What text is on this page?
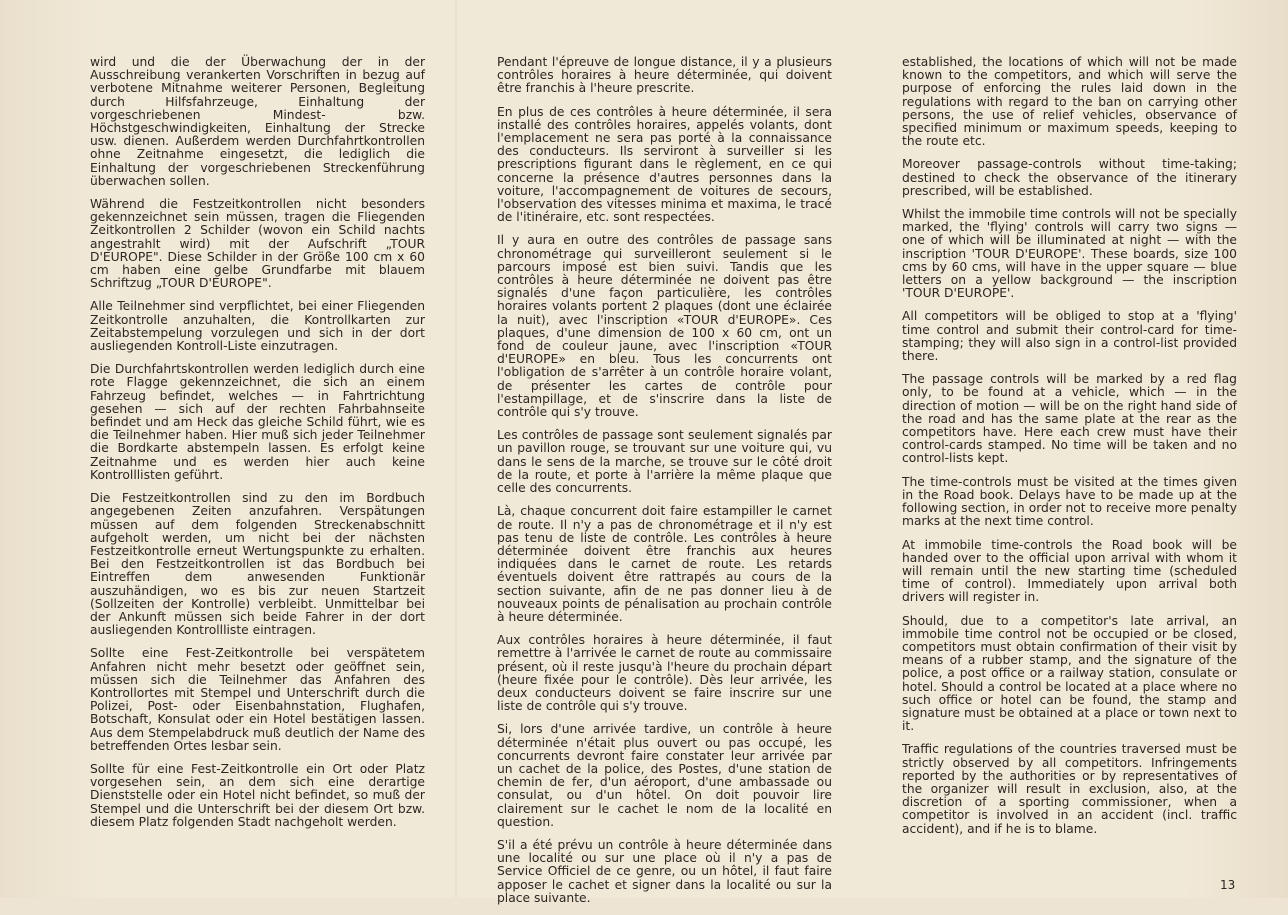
wird und die der Überwachung der in der Ausschreibung verankerten Vorschriften in bezug auf verbotene Mitnahme weiterer Personen, Begleitung durch Hilfsfahrzeuge, Einhaltung der vorgeschriebenen Mindest- bzw. Höchstgeschwindigkeiten, Einhaltung der Strecke usw. dienen. Außerdem werden Durchfahrtkontrollen ohne Zeitnahme eingesetzt, die lediglich die Einhaltung der vorgeschriebenen Streckenführung überwachen sollen.

Während die Festzeitkontrollen nicht besonders gekennzeichnet sein müssen, tragen die Fliegenden Zeitkontrollen 2 Schilder (wovon ein Schild nachts angestrahlt wird) mit der Aufschrift „TOUR D'EUROPE". Diese Schilder in der Größe 100 cm x 60 cm haben eine gelbe Grundfarbe mit blauem Schriftzug „TOUR D'EUROPE".

Alle Teilnehmer sind verpflichtet, bei einer Fliegenden Zeitkontrolle anzuhalten, die Kontrollkarten zur Zeitabstempelung vorzulegen und sich in der dort ausliegenden Kontroll-Liste einzutragen.

Die Durchfahrtskontrollen werden lediglich durch eine rote Flagge gekennzeichnet, die sich an einem Fahrzeug befindet, welches — in Fahrtrichtung gesehen — sich auf der rechten Fahrbahnseite befindet und am Heck das gleiche Schild führt, wie es die Teilnehmer haben. Hier muß sich jeder Teilnehmer die Bordkarte abstempeln lassen. Es erfolgt keine Zeitnahme und es werden hier auch keine Kontrolllisten geführt.

Die Festzeitkontrollen sind zu den im Bordbuch angegebenen Zeiten anzufahren. Verspätungen müssen auf dem folgenden Streckenabschnitt aufgeholt werden, um nicht bei der nächsten Festzeitkontrolle erneut Wertungspunkte zu erhalten. Bei den Festzeitkontrollen ist das Bordbuch bei Eintreffen dem anwesenden Funktionär auszuhändigen, wo es bis zur neuen Startzeit (Sollzeiten der Kontrolle) verbleibt. Unmittelbar bei der Ankunft müssen sich beide Fahrer in der dort ausliegenden Kontrollliste eintragen.

Sollte eine Fest-Zeitkontrolle bei verspätetem Anfahren nicht mehr besetzt oder geöffnet sein, müssen sich die Teilnehmer das Anfahren des Kontrollortes mit Stempel und Unterschrift durch die Polizei, Post- oder Eisenbahnstation, Flughafen, Botschaft, Konsulat oder ein Hotel bestätigen lassen. Aus dem Stempelabdruck muß deutlich der Name des betreffenden Ortes lesbar sein.

Sollte für eine Fest-Zeitkontrolle ein Ort oder Platz vorgesehen sein, an dem sich eine derartige Dienststelle oder ein Hotel nicht befindet, so muß der Stempel und die Unterschrift bei der diesem Ort bzw. diesem Platz folgenden Stadt nachgeholt werden.

Pendant l'épreuve de longue distance, il y a plusieurs contrôles horaires à heure déterminée, qui doivent être franchis à l'heure prescrite.

En plus de ces contrôles à heure déterminée, il sera installé des contrôles horaires, appelés volants, dont l'emplacement ne sera pas porté à la connaissance des conducteurs. Ils serviront à surveiller si les prescriptions figurant dans le règlement, en ce qui concerne la présence d'autres personnes dans la voiture, l'accompagnement de voitures de secours, l'observation des vitesses minima et maxima, le tracé de l'itinéraire, etc. sont respectées.

Il y aura en outre des contrôles de passage sans chronométrage qui surveilleront seulement si le parcours imposé est bien suivi. Tandis que les contrôles à heure déterminée ne doivent pas être signalés d'une façon particulière, les contrôles horaires volants portent 2 plaques (dont une éclairée la nuit), avec l'inscription «TOUR d'EUROPE». Ces plaques, d'une dimension de 100 x 60 cm, ont un fond de couleur jaune, avec l'inscription «TOUR d'EUROPE» en bleu. Tous les concurrents ont l'obligation de s'arrêter à un contrôle horaire volant, de présenter les cartes de contrôle pour l'estampillage, et de s'inscrire dans la liste de contrôle qui s'y trouve.

Les contrôles de passage sont seulement signalés par un pavillon rouge, se trouvant sur une voiture qui, vu dans le sens de la marche, se trouve sur le côté droit de la route, et porte à l'arrière la même plaque que celle des concurrents.

Là, chaque concurrent doit faire estampiller le carnet de route. Il n'y a pas de chronométrage et il n'y est pas tenu de liste de contrôle. Les contrôles à heure déterminée doivent être franchis aux heures indiquées dans le carnet de route. Les retards éventuels doivent être rattrapés au cours de la section suivante, afin de ne pas donner lieu à de nouveaux points de pénalisation au prochain contrôle à heure déterminée.

Aux contrôles horaires à heure déterminée, il faut remettre à l'arrivée le carnet de route au commissaire présent, où il reste jusqu'à l'heure du prochain départ (heure fixée pour le contrôle). Dès leur arrivée, les deux conducteurs doivent se faire inscrire sur une liste de contrôle qui s'y trouve.

Si, lors d'une arrivée tardive, un contrôle à heure déterminée n'était plus ouvert ou pas occupé, les concurrents devront faire constater leur arrivée par un cachet de la police, des Postes, d'une station de chemin de fer, d'un aéroport, d'une ambassade ou consulat, ou d'un hôtel. On doit pouvoir lire clairement sur le cachet le nom de la localité en question.

S'il a été prévu un contrôle à heure déterminée dans une localité ou sur une place où il n'y a pas de Service Officiel de ce genre, ou un hôtel, il faut faire apposer le cachet et signer dans la localité ou sur la place suivante.

established, the locations of which will not be made known to the competitors, and which will serve the purpose of enforcing the rules laid down in the regulations with regard to the ban on carrying other persons, the use of relief vehicles, observance of specified minimum or maximum speeds, keeping to the route etc.

Moreover passage-controls without time-taking; destined to check the observance of the itinerary prescribed, will be established.

Whilst the immobile time controls will not be specially marked, the 'flying' controls will carry two signs — one of which will be illuminated at night — with the inscription 'TOUR D'EUROPE'. These boards, size 100 cms by 60 cms, will have in the upper square — blue letters on a yellow background — the inscription 'TOUR D'EUROPE'.

All competitors will be obliged to stop at a 'flying' time control and submit their control-card for time-stamping; they will also sign in a control-list provided there.

The passage controls will be marked by a red flag only, to be found at a vehicle, which — in the direction of motion — will be on the right hand side of the road and has the same plate at the rear as the competitors have. Here each crew must have their control-cards stamped. No time will be taken and no control-lists kept.

The time-controls must be visited at the times given in the Road book. Delays have to be made up at the following section, in order not to receive more penalty marks at the next time control.

At immobile time-controls the Road book will be handed over to the official upon arrival with whom it will remain until the new starting time (scheduled time of control). Immediately upon arrival both drivers will register in.

Should, due to a competitor's late arrival, an immobile time control not be occupied or be closed, competitors must obtain confirmation of their visit by means of a rubber stamp, and the signature of the police, a post office or a railway station, consulate or hotel. Should a control be located at a place where no such office or hotel can be found, the stamp and signature must be obtained at a place or town next to it.

Traffic regulations of the countries traversed must be strictly observed by all competitors. Infringements reported by the authorities or by representatives of the organizer will result in exclusion, also, at the discretion of a sporting commissioner, when a competitor is involved in an accident (incl. traffic accident), and if he is to blame.

13
